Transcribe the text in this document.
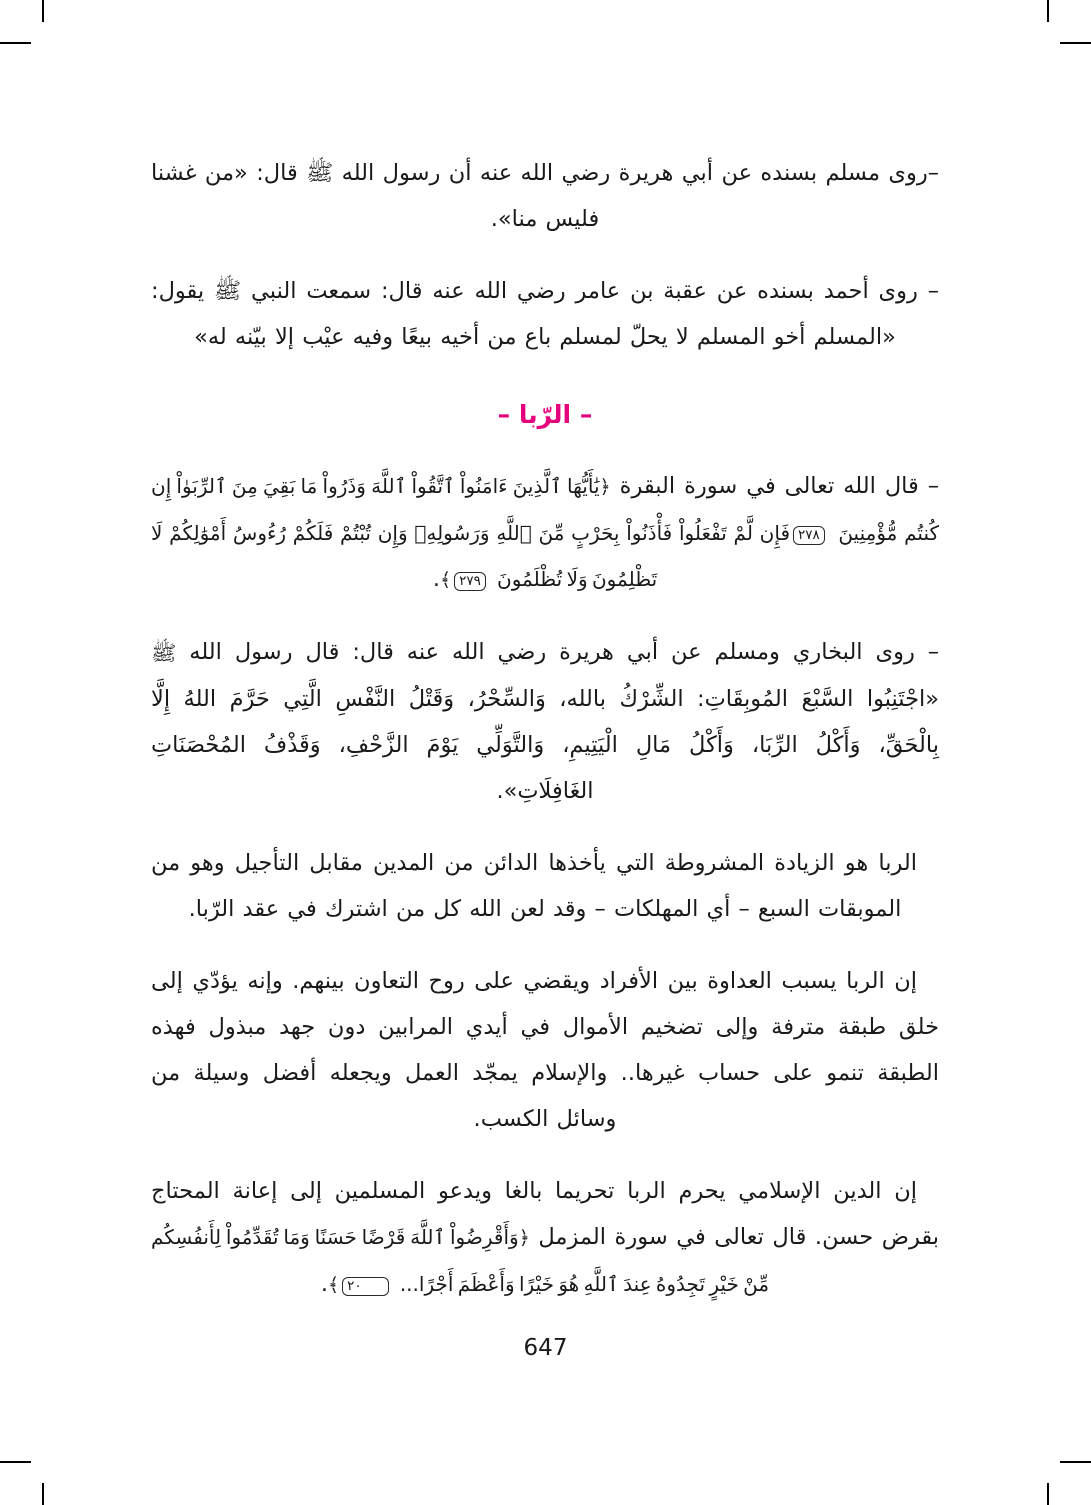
–روى مسلم بسنده عن أبي هريرة رضي الله عنه أن رسول الله ﷺ قال: «من غشنا فليس منا».

– روى أحمد بسنده عن عقبة بن عامر رضي الله عنه قال: سمعت النبي ﷺ يقول: «المسلم أخو المسلم لا يحلّ لمسلم باع من أخيه بيعًا وفيه عيْب إلا بيّنه له»

– الرّبا –

– قال الله تعالى في سورة البقرة ﴿يَٰأَيُّهَا ٱلَّذِينَ ءَامَنُواْ ٱتَّقُواْ ٱللَّهَ وَذَرُواْ مَا بَقِيَ مِنَ ٱلرِّبَوٰاْ إِن كُنتُم مُّؤْمِنِينَ ٢٧٨فَإِن لَّمْ تَفْعَلُواْ فَأْذَنُواْ بِحَرْبٍ مِّنَ ٱللَّهِ وَرَسُولِهِۖ وَإِن تُبْتُمْ فَلَكُمْ رُءُوسُ أَمْوَٰلِكُمْ لَا تَظْلِمُونَ وَلَا تُظْلَمُونَ ٢٧٩﴾.

– روى البخاري ومسلم عن أبي هريرة رضي الله عنه قال: قال رسول الله ﷺ «اجْتَنِبُوا السَّبْعَ المُوبِقَاتِ: الشِّرْكُ بالله، وَالسِّحْرُ، وَقَتْلُ النَّفْسِ الَّتِي حَرَّمَ اللهُ إِلَّا بِالْحَقِّ، وَأَكْلُ الرِّبَا، وَأَكْلُ مَالِ الْيَتِيمِ، وَالتَّوَلِّي يَوْمَ الزَّحْفِ، وَقَذْفُ المُحْصَنَاتِ الغَافِلَاتِ».

الربا هو الزيادة المشروطة التي يأخذها الدائن من المدين مقابل التأجيل وهو من الموبقات السبع – أي المهلكات – وقد لعن الله كل من اشترك في عقد الرّبا.

إن الربا يسبب العداوة بين الأفراد ويقضي على روح التعاون بينهم. وإنه يؤدّي إلى خلق طبقة مترفة وإلى تضخيم الأموال في أيدي المرابين دون جهد مبذول فهذه الطبقة تنمو على حساب غيرها.. والإسلام يمجّد العمل ويجعله أفضل وسيلة من وسائل الكسب.

إن الدين الإسلامي يحرم الربا تحريما بالغا ويدعو المسلمين إلى إعانة المحتاج بقرض حسن. قال تعالى في سورة المزمل ﴿وَأَقْرِضُواْ ٱللَّهَ قَرْضًا حَسَنًا وَمَا تُقَدِّمُواْ لِأَنفُسِكُم مِّنْ خَيْرٍ تَجِدُوهُ عِندَ ٱللَّهِ هُوَ خَيْرًا وَأَعْظَمَ أَجْرًا... ٢٠﴾.

647
